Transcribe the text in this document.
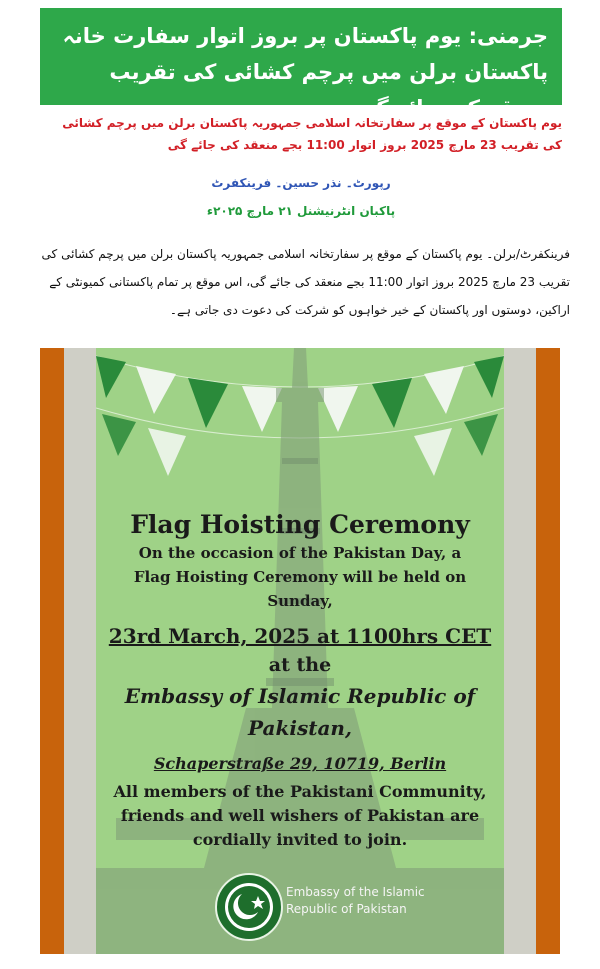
جرمنی: یوم پاکستان پر بروز اتوار سفارت خانہ پاکستان برلن میں پرچم کشائی کی تقریب منعقد کی جائے گی
یوم پاکستان کے موقع پر سفارتخانہ اسلامی جمہوریہ پاکستان برلن میں پرچم کشائی کی تقریب 23 مارچ 2025 بروز اتوار 11:00 بجے منعقد کی جائے گی
رپورٹ۔ نذر حسین۔ فرینکفرٹ
پاکبان انٹرنیشنل ۲۱ مارچ ۲۰۲۵ء
فرینکفرٹ/برلن۔ یوم پاکستان کے موقع پر سفارتخانہ اسلامی جمہوریہ پاکستان برلن میں پرچم کشائی کی تقریب 23 مارچ 2025 بروز اتوار 11:00 بجے منعقد کی جائے گی، اس موقع پر تمام پاکستانی کمیونٹی کے اراکین، دوستوں اور پاکستان کے خیر خواہوں کو شرکت کی دعوت دی جاتی ہے۔
Flag Hoisting Ceremony
On the occasion of the Pakistan Day, a
Flag Hoisting Ceremony will be held on
Sunday,
23rd March, 2025 at 1100hrs CET
at the
Embassy of Islamic Republic of
Pakistan,
Schaperstraße 29, 10719, Berlin
All members of the Pakistani Community,
friends and well wishers of Pakistan are
cordially invited to join.
Embassy of the Islamic
Republic of Pakistan
